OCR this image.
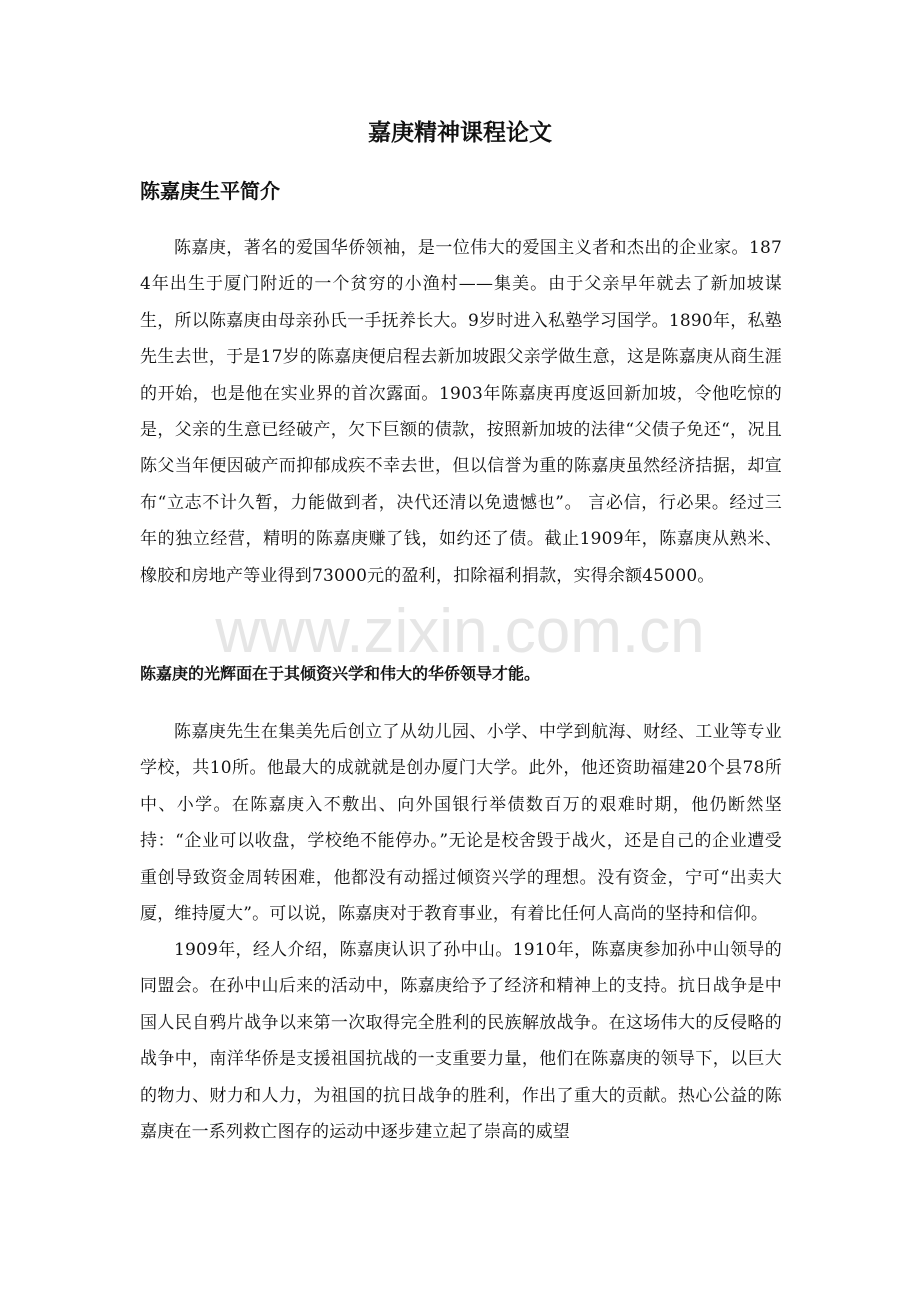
嘉庚精神课程论文
陈嘉庚生平简介

陈嘉庚，著名的爱国华侨领袖，是一位伟大的爱国主义者和杰出的企业家。1874年出生于厦门附近的一个贫穷的小渔村——集美。由于父亲早年就去了新加坡谋生，所以陈嘉庚由母亲孙氏一手抚养长大。9岁时进入私塾学习国学。1890年，私塾先生去世，于是17岁的陈嘉庚便启程去新加坡跟父亲学做生意，这是陈嘉庚从商生涯的开始，也是他在实业界的首次露面。1903年陈嘉庚再度返回新加坡，令他吃惊的是，父亲的生意已经破产，欠下巨额的债款，按照新加坡的法律“父债子免还“，况且陈父当年便因破产而抑郁成疾不幸去世，但以信誉为重的陈嘉庚虽然经济拮据，却宣布“立志不计久暂，力能做到者，决代还清以免遗憾也”。 言必信，行必果。经过三年的独立经营，精明的陈嘉庚赚了钱，如约还了债。截止1909年，陈嘉庚从熟米、橡胶和房地产等业得到73000元的盈利，扣除福利捐款，实得余额45000。

www.zixin.com.cn
陈嘉庚的光辉面在于其倾资兴学和伟大的华侨领导才能。

陈嘉庚先生在集美先后创立了从幼儿园、小学、中学到航海、财经、工业等专业学校，共10所。他最大的成就就是创办厦门大学。此外，他还资助福建20个县78所中、小学。在陈嘉庚入不敷出、向外国银行举债数百万的艰难时期，他仍断然坚持：“企业可以收盘，学校绝不能停办。”无论是校舍毁于战火，还是自己的企业遭受重创导致资金周转困难，他都没有动摇过倾资兴学的理想。没有资金，宁可“出卖大厦，维持厦大”。可以说，陈嘉庚对于教育事业，有着比任何人高尚的坚持和信仰。

1909年，经人介绍，陈嘉庚认识了孙中山。1910年，陈嘉庚参加孙中山领导的同盟会。在孙中山后来的活动中，陈嘉庚给予了经济和精神上的支持。抗日战争是中国人民自鸦片战争以来第一次取得完全胜利的民族解放战争。在这场伟大的反侵略的战争中，南洋华侨是支援祖国抗战的一支重要力量，他们在陈嘉庚的领导下，以巨大的物力、财力和人力，为祖国的抗日战争的胜利，作出了重大的贡献。热心公益的陈嘉庚在一系列救亡图存的运动中逐步建立起了崇高的威望
